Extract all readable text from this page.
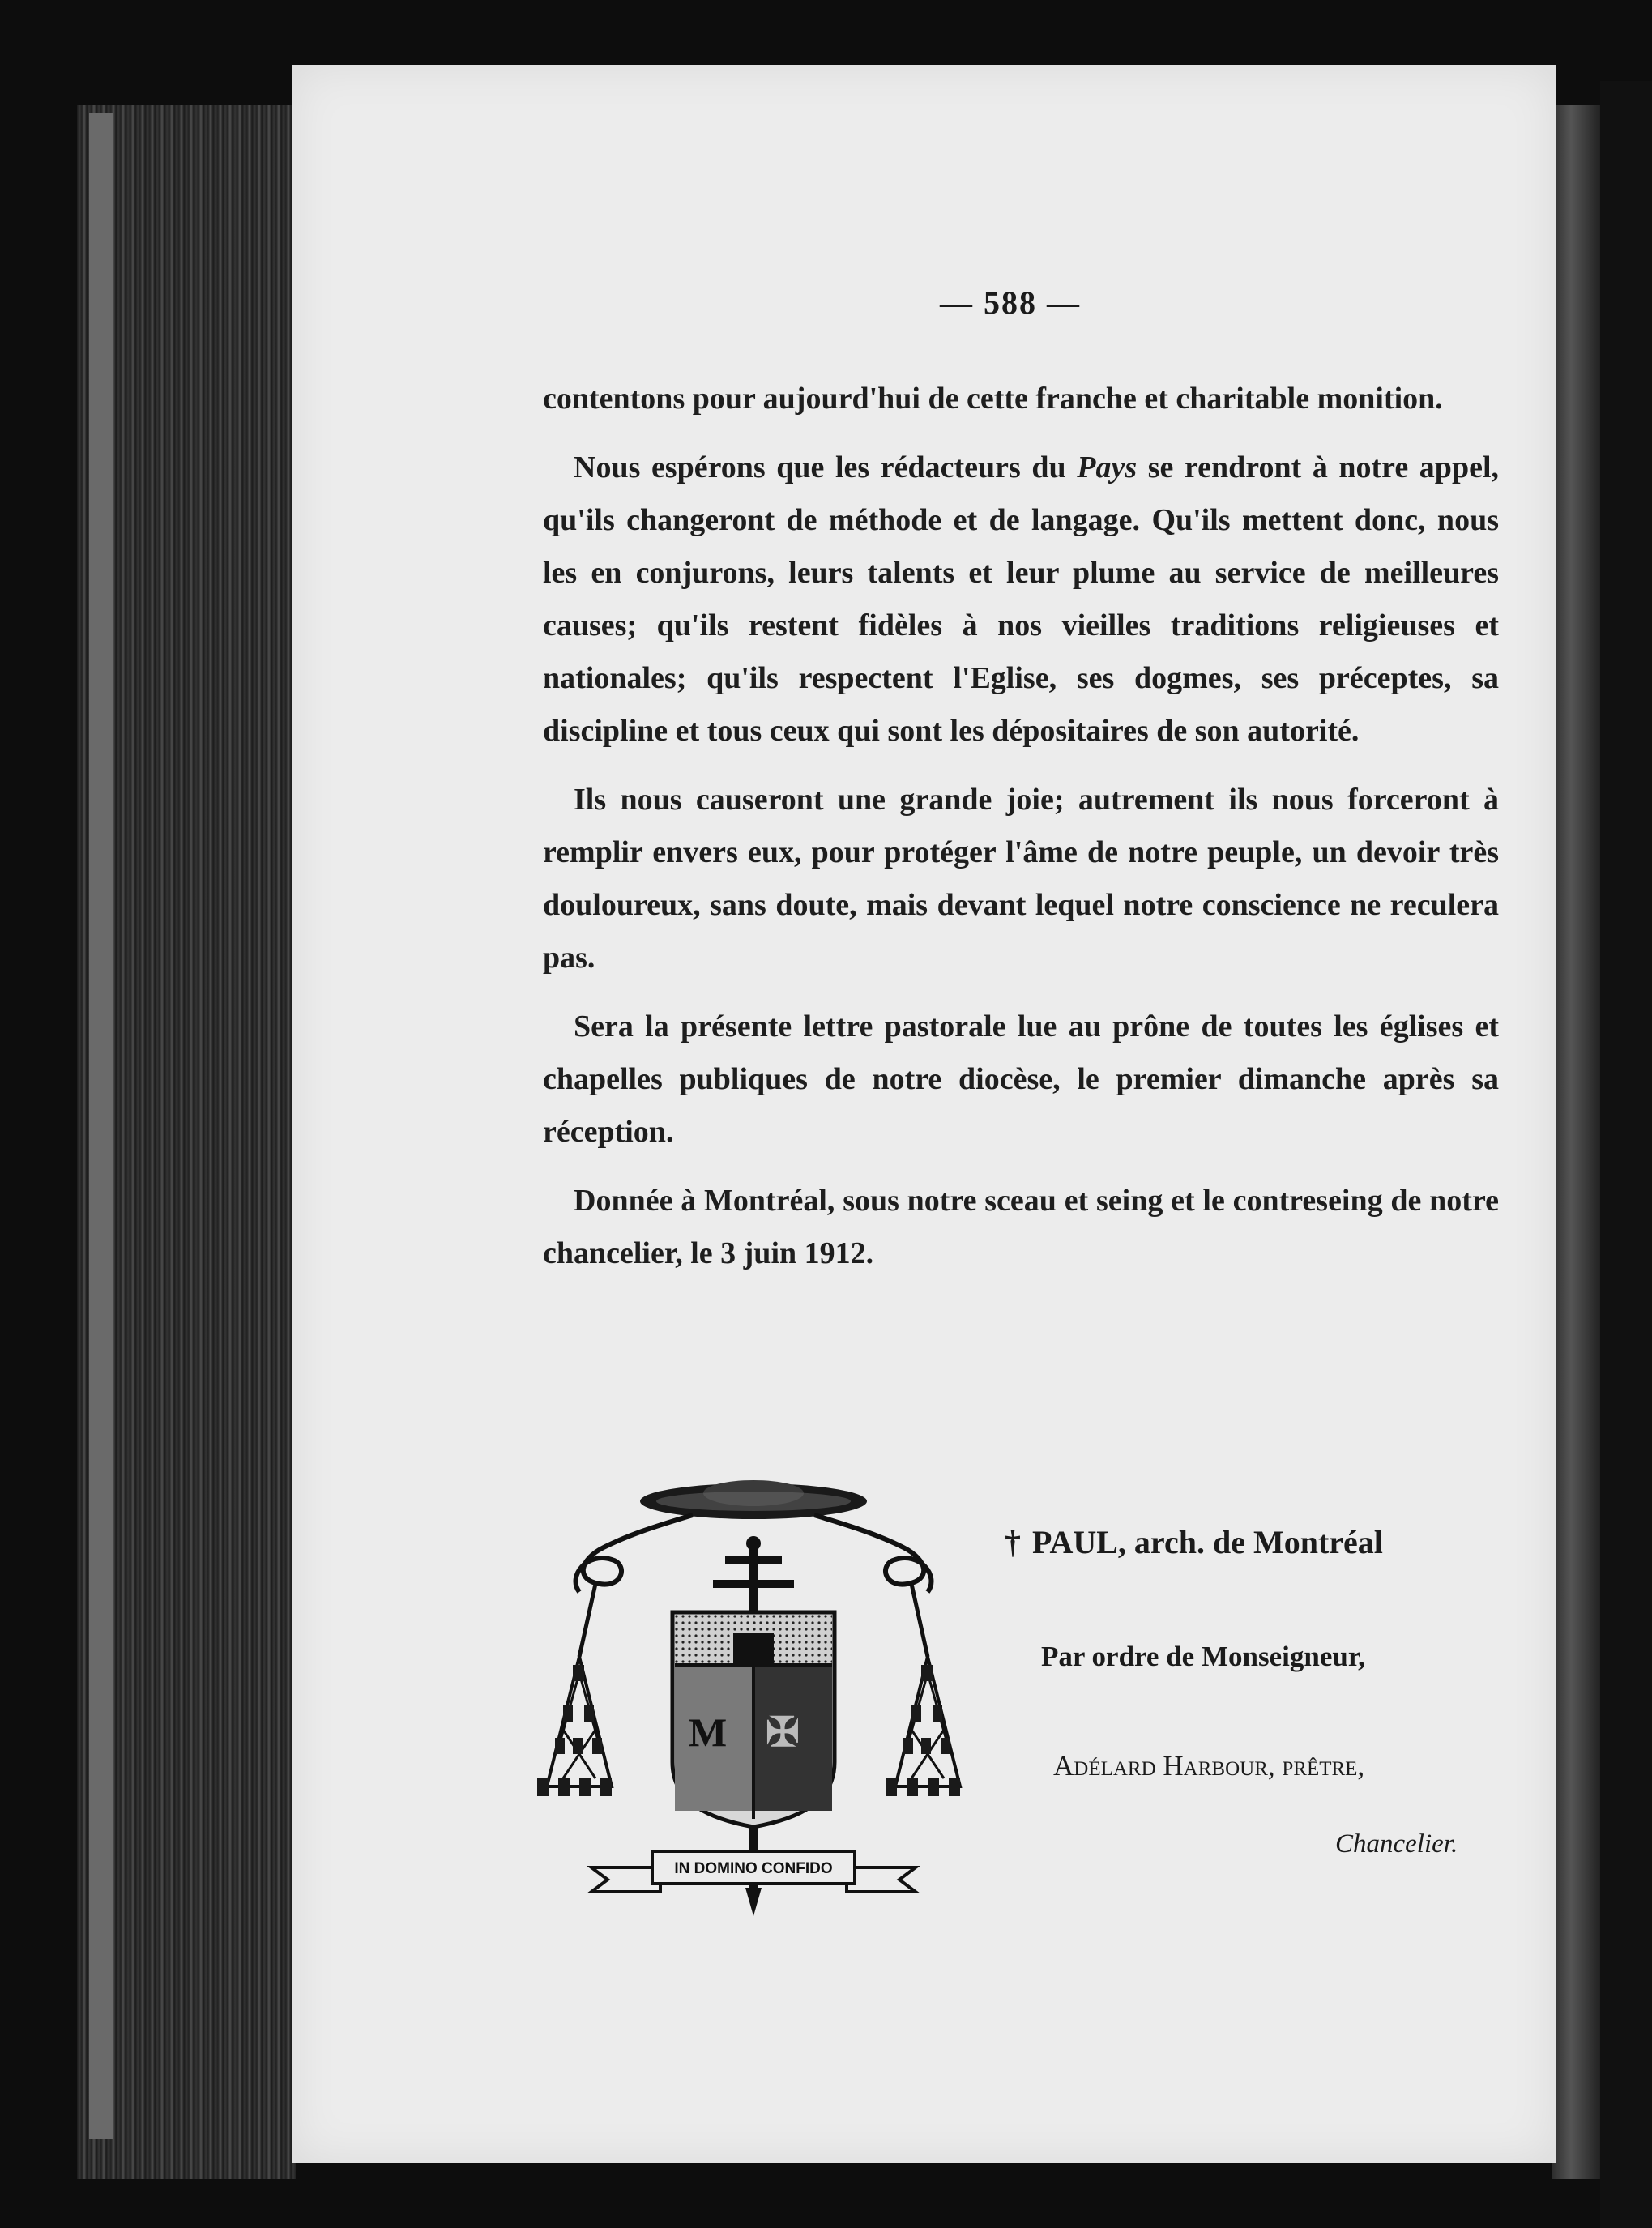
— 588 —

contentons pour aujourd'hui de cette franche et charitable monition.

Nous espérons que les rédacteurs du Pays se rendront à notre appel, qu'ils changeront de méthode et de langage. Qu'ils mettent donc, nous les en conjurons, leurs talents et leur plume au service de meilleures causes; qu'ils restent fidèles à nos vieilles traditions religieuses et nationales; qu'ils respectent l'Eglise, ses dogmes, ses préceptes, sa discipline et tous ceux qui sont les dépositaires de son autorité.

Ils nous causeront une grande joie; autrement ils nous forceront à remplir envers eux, pour protéger l'âme de notre peuple, un devoir très douloureux, sans doute, mais devant lequel notre conscience ne reculera pas.

Sera la présente lettre pastorale lue au prône de toutes les églises et chapelles publiques de notre diocèse, le premier dimanche après sa réception.

Donnée à Montréal, sous notre sceau et seing et le contreseing de notre chancelier, le 3 juin 1912.

M ✠
IN DOMINO CONFIDO
† PAUL, arch. de Montréal
Par ordre de Monseigneur,
Adélard Harbour, prêtre,
Chancelier.
